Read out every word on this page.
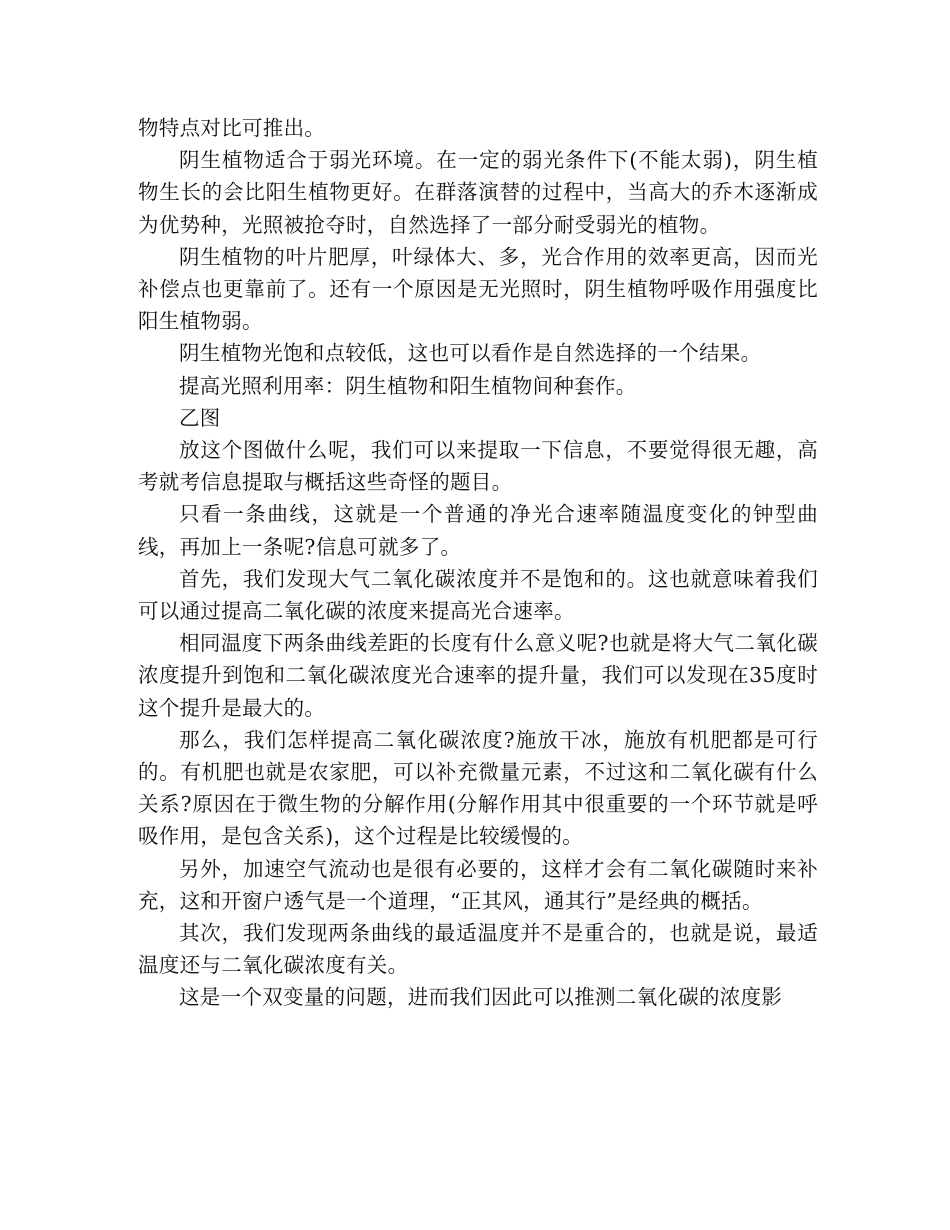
物特点对比可推出。

阴生植物适合于弱光环境。在一定的弱光条件下(不能太弱)，阴生植物生长的会比阳生植物更好。在群落演替的过程中，当高大的乔木逐渐成为优势种，光照被抢夺时，自然选择了一部分耐受弱光的植物。

阴生植物的叶片肥厚，叶绿体大、多，光合作用的效率更高，因而光补偿点也更靠前了。还有一个原因是无光照时，阴生植物呼吸作用强度比阳生植物弱。

阴生植物光饱和点较低，这也可以看作是自然选择的一个结果。

提高光照利用率：阴生植物和阳生植物间种套作。

乙图

放这个图做什么呢，我们可以来提取一下信息，不要觉得很无趣，高考就考信息提取与概括这些奇怪的题目。

只看一条曲线，这就是一个普通的净光合速率随温度变化的钟型曲线，再加上一条呢?信息可就多了。

首先，我们发现大气二氧化碳浓度并不是饱和的。这也就意味着我们可以通过提高二氧化碳的浓度来提高光合速率。

相同温度下两条曲线差距的长度有什么意义呢?也就是将大气二氧化碳浓度提升到饱和二氧化碳浓度光合速率的提升量，我们可以发现在35度时这个提升是最大的。

那么，我们怎样提高二氧化碳浓度?施放干冰，施放有机肥都是可行的。有机肥也就是农家肥，可以补充微量元素，不过这和二氧化碳有什么关系?原因在于微生物的分解作用(分解作用其中很重要的一个环节就是呼吸作用，是包含关系)，这个过程是比较缓慢的。

另外，加速空气流动也是很有必要的，这样才会有二氧化碳随时来补充，这和开窗户透气是一个道理，“正其风，通其行”是经典的概括。

其次，我们发现两条曲线的最适温度并不是重合的，也就是说，最适温度还与二氧化碳浓度有关。

这是一个双变量的问题，进而我们因此可以推测二氧化碳的浓度影
